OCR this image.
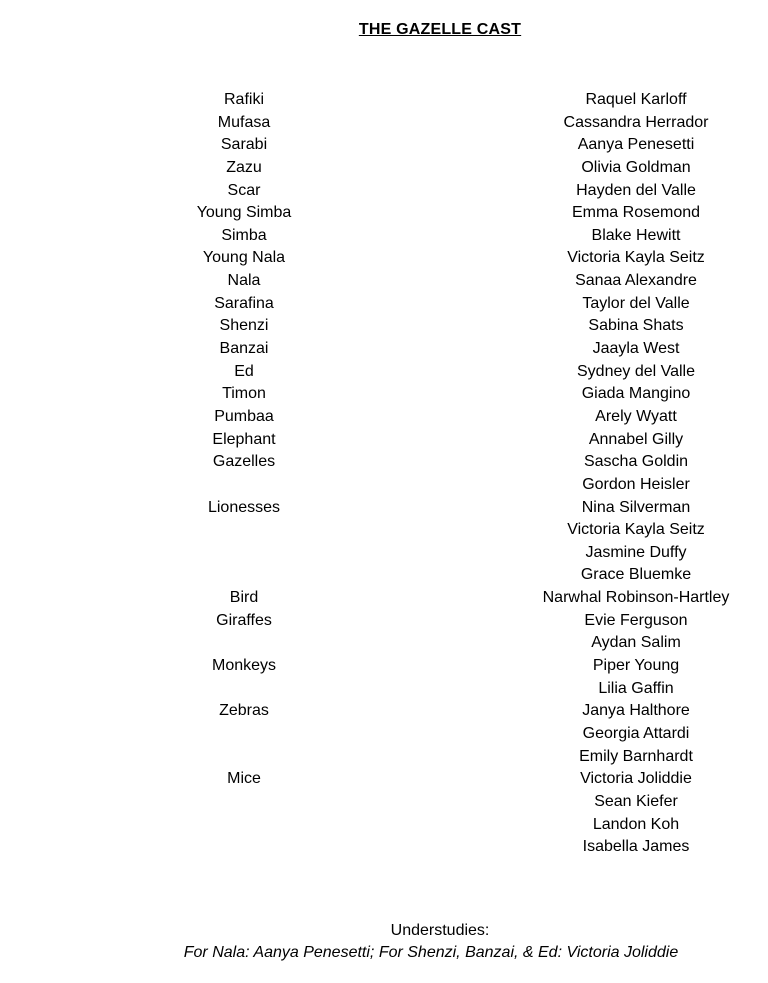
THE GAZELLE CAST
Rafiki
Mufasa
Sarabi
Zazu
Scar
Young Simba
Simba
Young Nala
Nala
Sarafina
Shenzi
Banzai
Ed
Timon
Pumbaa
Elephant
Gazelles
Lionesses
Bird
Giraffes
Monkeys
Zebras
Mice
Raquel Karloff
Cassandra Herrador
Aanya Penesetti
Olivia Goldman
Hayden del Valle
Emma Rosemond
Blake Hewitt
Victoria Kayla Seitz
Sanaa Alexandre
Taylor del Valle
Sabina Shats
Jaayla West
Sydney del Valle
Giada Mangino
Arely Wyatt
Annabel Gilly
Sascha Goldin
Gordon Heisler
Nina Silverman
Victoria Kayla Seitz
Jasmine Duffy
Grace Bluemke
Narwhal Robinson-Hartley
Evie Ferguson
Aydan Salim
Piper Young
Lilia Gaffin
Janya Halthore
Georgia Attardi
Emily Barnhardt
Victoria Joliddie
Sean Kiefer
Landon Koh
Isabella James
Understudies:
For Nala: Aanya Penesetti; For Shenzi, Banzai, & Ed: Victoria Joliddie
